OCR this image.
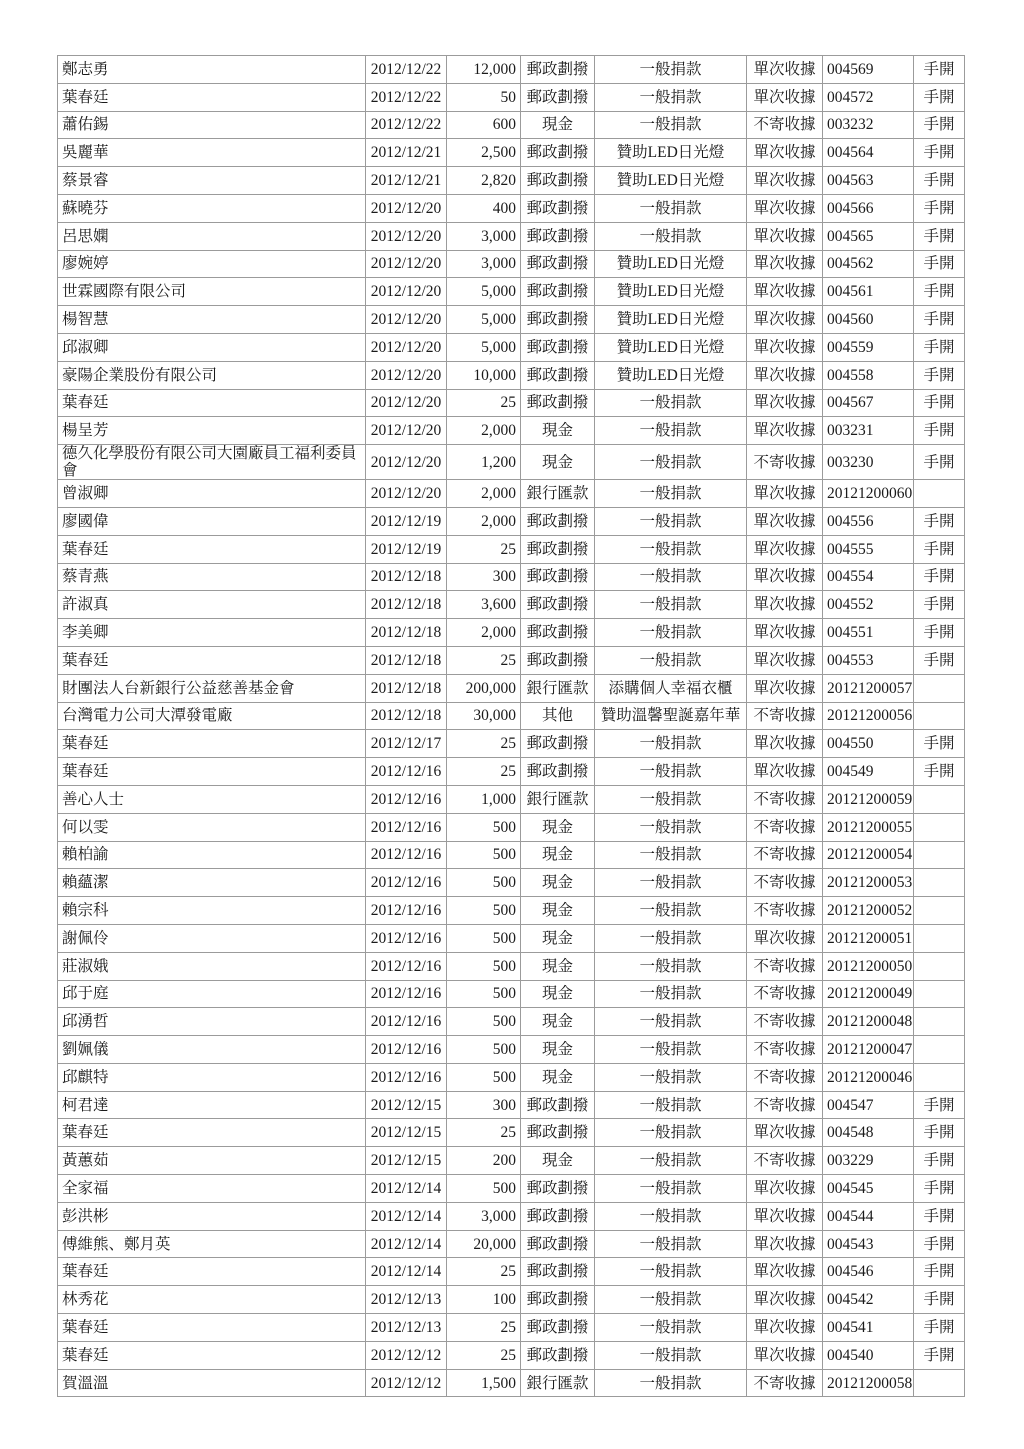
鄭志勇	2012/12/22	12,000	郵政劃撥	一般捐款	單次收據	004569	手開
葉春廷	2012/12/22	50	郵政劃撥	一般捐款	單次收據	004572	手開
蕭佑錫	2012/12/22	600	現金	一般捐款	不寄收據	003232	手開
吳麗華	2012/12/21	2,500	郵政劃撥	贊助LED日光燈	單次收據	004564	手開
蔡景睿	2012/12/21	2,820	郵政劃撥	贊助LED日光燈	單次收據	004563	手開
蘇曉芬	2012/12/20	400	郵政劃撥	一般捐款	單次收據	004566	手開
呂思嫻	2012/12/20	3,000	郵政劃撥	一般捐款	單次收據	004565	手開
廖婉婷	2012/12/20	3,000	郵政劃撥	贊助LED日光燈	單次收據	004562	手開
世霖國際有限公司	2012/12/20	5,000	郵政劃撥	贊助LED日光燈	單次收據	004561	手開
楊智慧	2012/12/20	5,000	郵政劃撥	贊助LED日光燈	單次收據	004560	手開
邱淑卿	2012/12/20	5,000	郵政劃撥	贊助LED日光燈	單次收據	004559	手開
豪陽企業股份有限公司	2012/12/20	10,000	郵政劃撥	贊助LED日光燈	單次收據	004558	手開
葉春廷	2012/12/20	25	郵政劃撥	一般捐款	單次收據	004567	手開
楊呈芳	2012/12/20	2,000	現金	一般捐款	單次收據	003231	手開
德久化學股份有限公司大園廠員工福利委員會	2012/12/20	1,200	現金	一般捐款	不寄收據	003230	手開
曾淑卿	2012/12/20	2,000	銀行匯款	一般捐款	單次收據	20121200060	
廖國偉	2012/12/19	2,000	郵政劃撥	一般捐款	單次收據	004556	手開
葉春廷	2012/12/19	25	郵政劃撥	一般捐款	單次收據	004555	手開
蔡青燕	2012/12/18	300	郵政劃撥	一般捐款	單次收據	004554	手開
許淑真	2012/12/18	3,600	郵政劃撥	一般捐款	單次收據	004552	手開
李美卿	2012/12/18	2,000	郵政劃撥	一般捐款	單次收據	004551	手開
葉春廷	2012/12/18	25	郵政劃撥	一般捐款	單次收據	004553	手開
財團法人台新銀行公益慈善基金會	2012/12/18	200,000	銀行匯款	添購個人幸福衣櫃	單次收據	20121200057	
台灣電力公司大潭發電廠	2012/12/18	30,000	其他	贊助溫馨聖誕嘉年華	不寄收據	20121200056	
葉春廷	2012/12/17	25	郵政劃撥	一般捐款	單次收據	004550	手開
葉春廷	2012/12/16	25	郵政劃撥	一般捐款	單次收據	004549	手開
善心人士	2012/12/16	1,000	銀行匯款	一般捐款	不寄收據	20121200059	
何以雯	2012/12/16	500	現金	一般捐款	不寄收據	20121200055	
賴柏諭	2012/12/16	500	現金	一般捐款	不寄收據	20121200054	
賴蘊潔	2012/12/16	500	現金	一般捐款	不寄收據	20121200053	
賴宗科	2012/12/16	500	現金	一般捐款	不寄收據	20121200052	
謝佩伶	2012/12/16	500	現金	一般捐款	單次收據	20121200051	
莊淑娥	2012/12/16	500	現金	一般捐款	不寄收據	20121200050	
邱于庭	2012/12/16	500	現金	一般捐款	不寄收據	20121200049	
邱湧哲	2012/12/16	500	現金	一般捐款	不寄收據	20121200048	
劉姵儀	2012/12/16	500	現金	一般捐款	不寄收據	20121200047	
邱麒特	2012/12/16	500	現金	一般捐款	不寄收據	20121200046	
柯君達	2012/12/15	300	郵政劃撥	一般捐款	不寄收據	004547	手開
葉春廷	2012/12/15	25	郵政劃撥	一般捐款	單次收據	004548	手開
黃蕙茹	2012/12/15	200	現金	一般捐款	不寄收據	003229	手開
全家福	2012/12/14	500	郵政劃撥	一般捐款	單次收據	004545	手開
彭洪彬	2012/12/14	3,000	郵政劃撥	一般捐款	單次收據	004544	手開
傅維熊、鄭月英	2012/12/14	20,000	郵政劃撥	一般捐款	單次收據	004543	手開
葉春廷	2012/12/14	25	郵政劃撥	一般捐款	單次收據	004546	手開
林秀花	2012/12/13	100	郵政劃撥	一般捐款	單次收據	004542	手開
葉春廷	2012/12/13	25	郵政劃撥	一般捐款	單次收據	004541	手開
葉春廷	2012/12/12	25	郵政劃撥	一般捐款	單次收據	004540	手開
賀溫溫	2012/12/12	1,500	銀行匯款	一般捐款	不寄收據	20121200058	
